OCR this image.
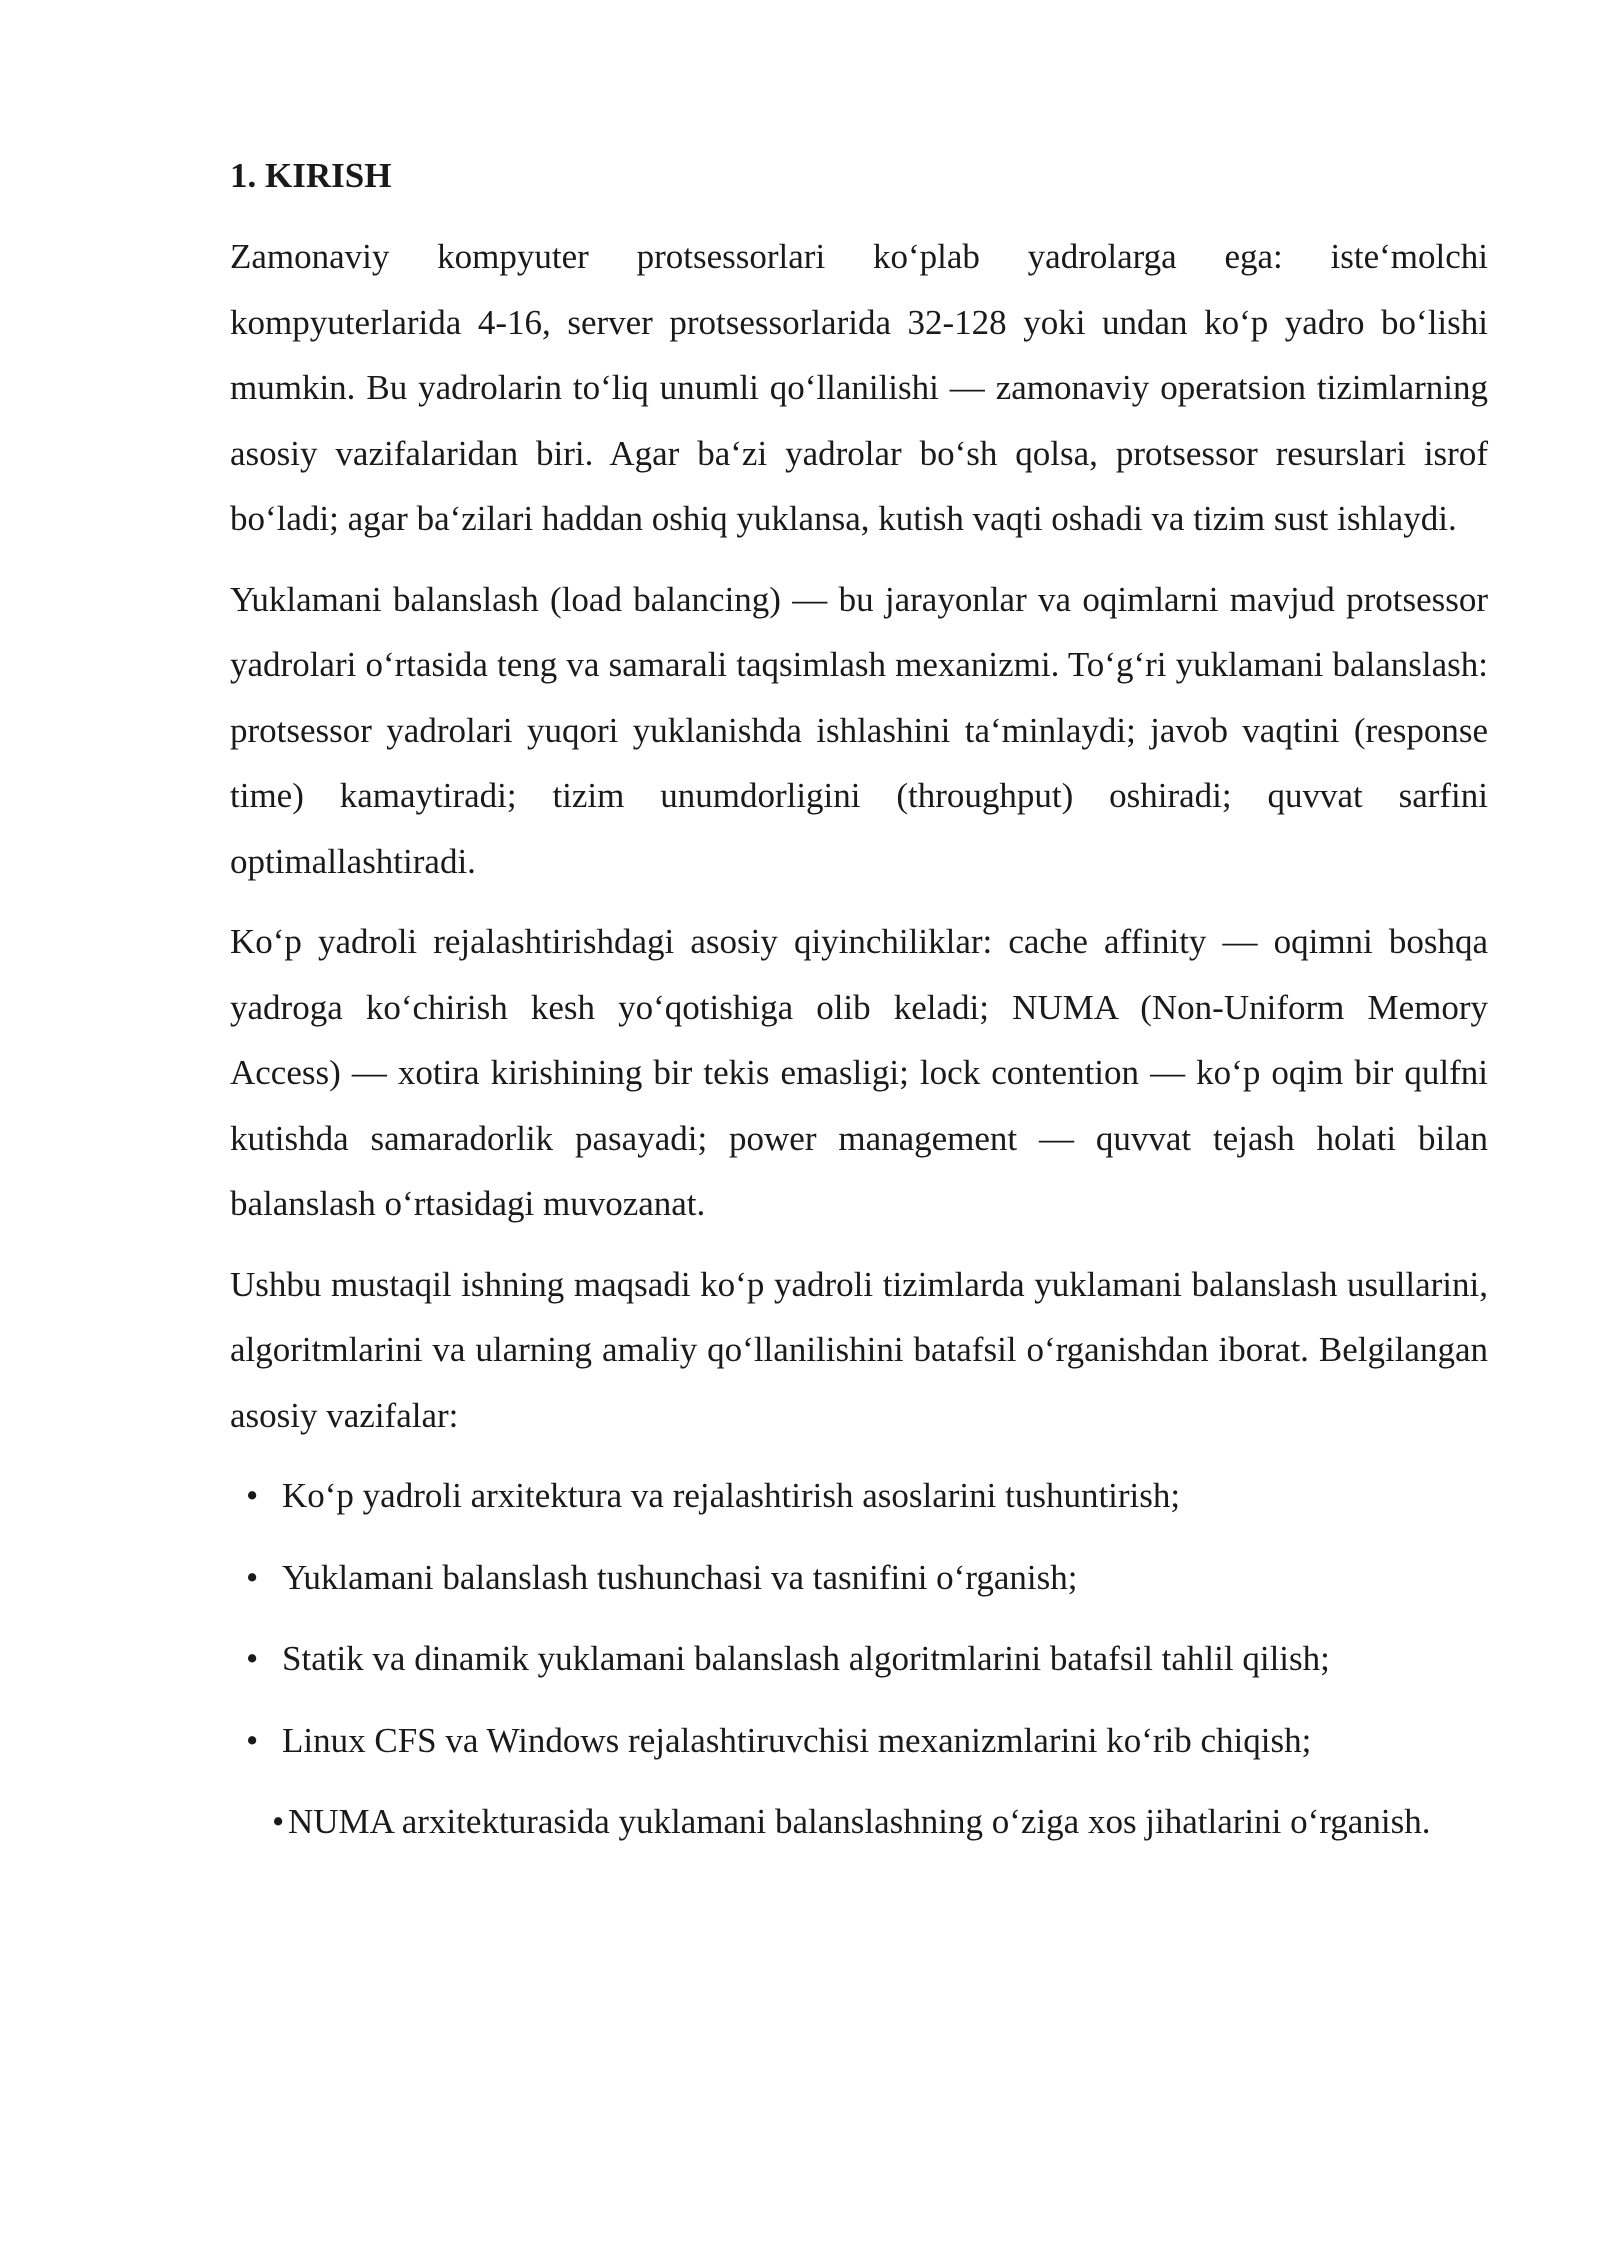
1. KIRISH

Zamonaviy kompyuter protsessorlari koʻplab yadrolarga ega: isteʻmolchi kompyuterlarida 4-16, server protsessorlarida 32-128 yoki undan koʻp yadro boʻlishi mumkin. Bu yadrolarin toʻliq unumli qoʻllanilishi — zamonaviy operatsion tizimlarning asosiy vazifalaridan biri. Agar baʻzi yadrolar boʻsh qolsa, protsessor resurslari isrof boʻladi; agar baʻzilari haddan oshiq yuklansa, kutish vaqti oshadi va tizim sust ishlaydi.

Yuklamani balanslash (load balancing) — bu jarayonlar va oqimlarni mavjud protsessor yadrolari oʻrtasida teng va samarali taqsimlash mexanizmi. Toʻgʻri yuklamani balanslash: protsessor yadrolari yuqori yuklanishda ishlashini taʻminlaydi; javob vaqtini (response time) kamaytiradi; tizim unumdorligini (throughput) oshiradi; quvvat sarfini optimallashtiradi.

Koʻp yadroli rejalashtirishdagi asosiy qiyinchiliklar: cache affinity — oqimni boshqa yadroga koʻchirish kesh yoʻqotishiga olib keladi; NUMA (Non-Uniform Memory Access) — xotira kirishining bir tekis emasligi; lock contention — koʻp oqim bir qulfni kutishda samaradorlik pasayadi; power management — quvvat tejash holati bilan balanslash oʻrtasidagi muvozanat.

Ushbu mustaqil ishning maqsadi koʻp yadroli tizimlarda yuklamani balanslash usullarini, algoritmlarini va ularning amaliy qoʻllanilishini batafsil oʻrganishdan iborat. Belgilangan asosiy vazifalar:

• Koʻp yadroli arxitektura va rejalashtirish asoslarini tushuntirish;
• Yuklamani balanslash tushunchasi va tasnifini oʻrganish;
• Statik va dinamik yuklamani balanslash algoritmlarini batafsil tahlil qilish;
• Linux CFS va Windows rejalashtiruvchisi mexanizmlarini koʻrib chiqish;

• NUMA arxitekturasida yuklamani balanslashning oʻziga xos jihatlarini oʻrganish.
